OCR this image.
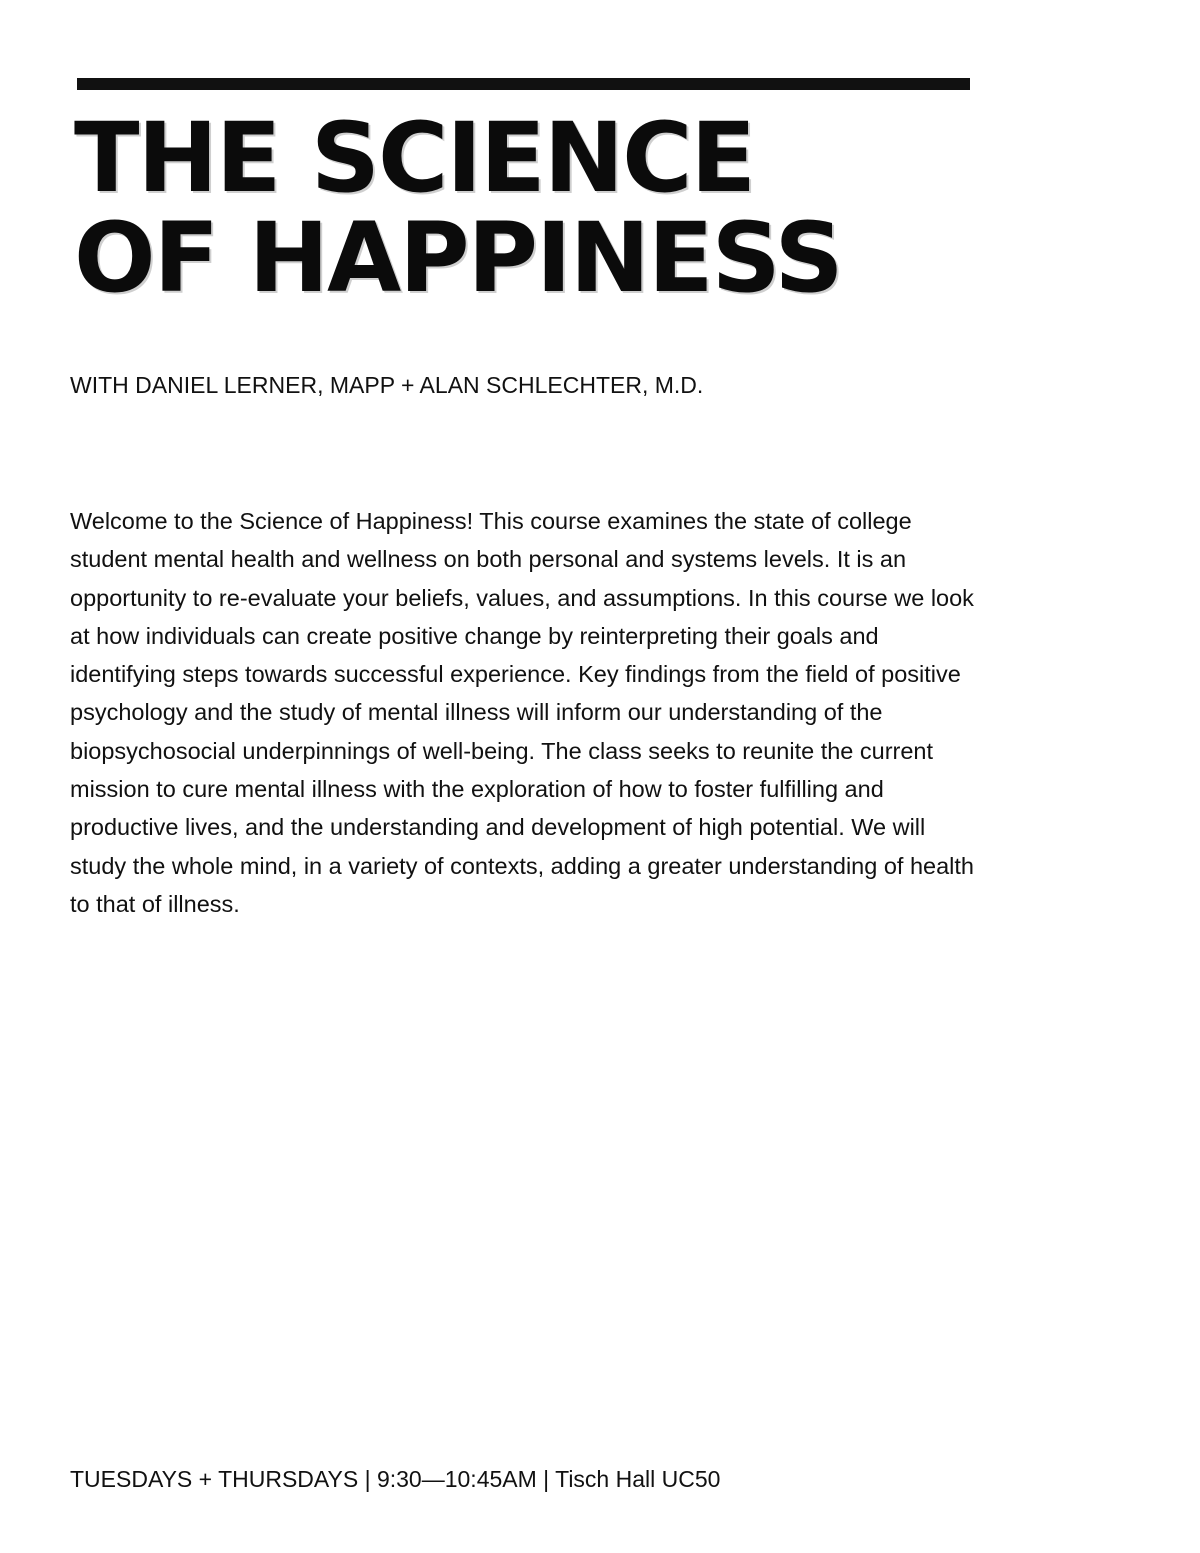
THE SCIENCE
OF HAPPINESS

WITH DANIEL LERNER, MAPP + ALAN SCHLECHTER, M.D.

Welcome to the Science of Happiness! This course examines the state of college
student mental health and wellness on both personal and systems levels. It is an
opportunity to re-evaluate your beliefs, values, and assumptions. In this course we look
at how individuals can create positive change by reinterpreting their goals and
identifying steps towards successful experience. Key findings from the field of positive
psychology and the study of mental illness will inform our understanding of the
biopsychosocial underpinnings of well-being. The class seeks to reunite the current
mission to cure mental illness with the exploration of how to foster fulfilling and
productive lives, and the understanding and development of high potential. We will
study the whole mind, in a variety of contexts, adding a greater understanding of health
to that of illness.

TUESDAYS + THURSDAYS | 9:30—10:45AM | Tisch Hall UC50
